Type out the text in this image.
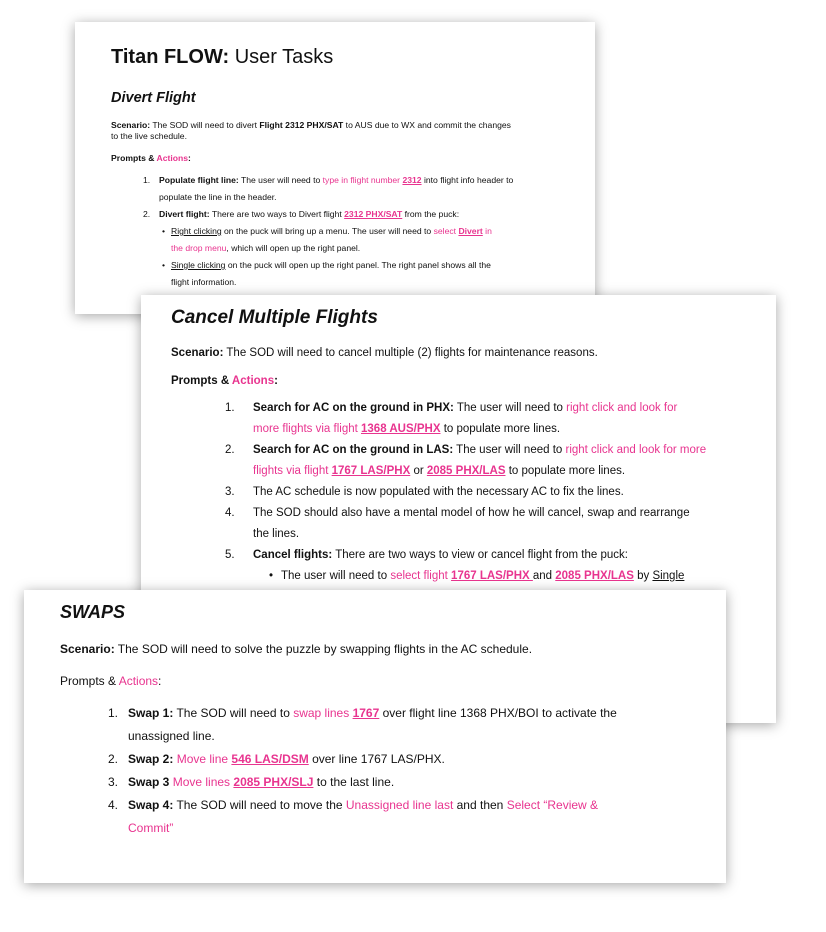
Titan FLOW: User Tasks
Divert Flight
Scenario: The SOD will need to divert Flight 2312 PHX/SAT to AUS due to WX and commit the changes
to the live schedule.
Prompts & Actions:
1. Populate flight line: The user will need to type in flight number 2312 into flight info header to
populate the line in the header.
2. Divert flight: There are two ways to Divert flight 2312 PHX/SAT from the puck:
• Right clicking on the puck will bring up a menu. The user will need to select Divert in
the drop menu, which will open up the right panel.
• Single clicking on the puck will open up the right panel. The right panel shows all the
flight information.
Cancel Multiple Flights
Scenario: The SOD will need to cancel multiple (2) flights for maintenance reasons.
Prompts & Actions:
1. Search for AC on the ground in PHX: The user will need to right click and look for
more flights via flight 1368 AUS/PHX to populate more lines.
2. Search for AC on the ground in LAS: The user will need to right click and look for more
flights via flight 1767 LAS/PHX or 2085 PHX/LAS to populate more lines.
3. The AC schedule is now populated with the necessary AC to fix the lines.
4. The SOD should also have a mental model of how he will cancel, swap and rearrange
the lines.
5. Cancel flights: There are two ways to view or cancel flight from the puck:
• The user will need to select flight 1767 LAS/PHX and 2085 PHX/LAS by Single
SWAPS
Scenario: The SOD will need to solve the puzzle by swapping flights in the AC schedule.
Prompts & Actions:
1. Swap 1: The SOD will need to swap lines 1767 over flight line 1368 PHX/BOI to activate the
unassigned line.
2. Swap 2: Move line 546 LAS/DSM over line 1767 LAS/PHX.
3. Swap 3 Move lines 2085 PHX/SLJ to the last line.
4. Swap 4: The SOD will need to move the Unassigned line last and then Select “Review &
Commit”
